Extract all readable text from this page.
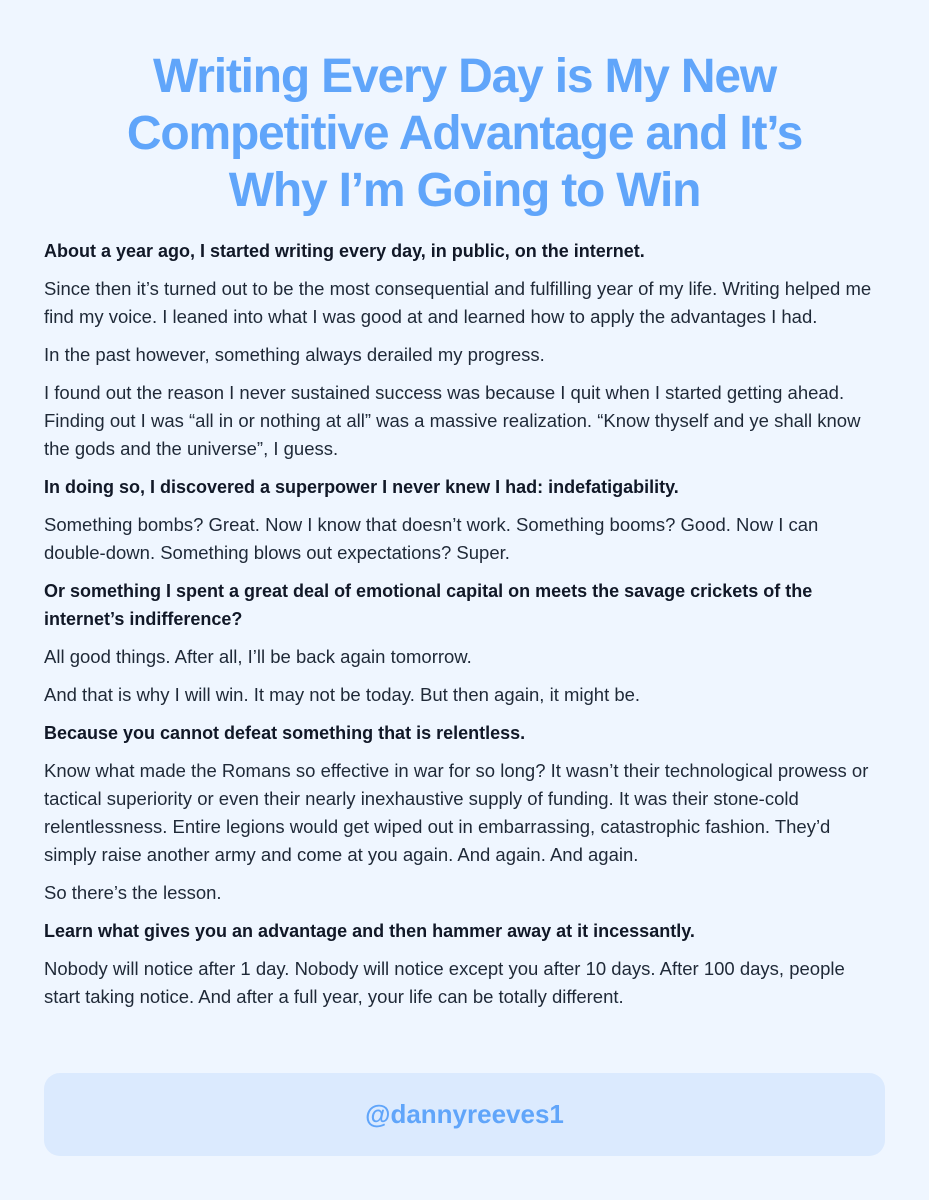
Writing Every Day is My New Competitive Advantage and It’s Why I’m Going to Win

About a year ago, I started writing every day, in public, on the internet.

Since then it’s turned out to be the most consequential and fulfilling year of my life. Writing helped me find my voice. I leaned into what I was good at and learned how to apply the advantages I had.

In the past however, something always derailed my progress.

I found out the reason I never sustained success was because I quit when I started getting ahead. Finding out I was “all in or nothing at all” was a massive realization. “Know thyself and ye shall know the gods and the universe”, I guess.

In doing so, I discovered a superpower I never knew I had: indefatigability.

Something bombs? Great. Now I know that doesn’t work. Something booms? Good. Now I can double-down. Something blows out expectations? Super.

Or something I spent a great deal of emotional capital on meets the savage crickets of the internet’s indifference?

All good things. After all, I’ll be back again tomorrow.

And that is why I will win. It may not be today. But then again, it might be.

Because you cannot defeat something that is relentless.

Know what made the Romans so effective in war for so long? It wasn’t their technological prowess or tactical superiority or even their nearly inexhaustive supply of funding. It was their stone-cold relentlessness. Entire legions would get wiped out in embarrassing, catastrophic fashion. They’d simply raise another army and come at you again. And again. And again.

So there’s the lesson.

Learn what gives you an advantage and then hammer away at it incessantly.

Nobody will notice after 1 day. Nobody will notice except you after 10 days. After 100 days, people start taking notice. And after a full year, your life can be totally different.

@dannyreeves1
